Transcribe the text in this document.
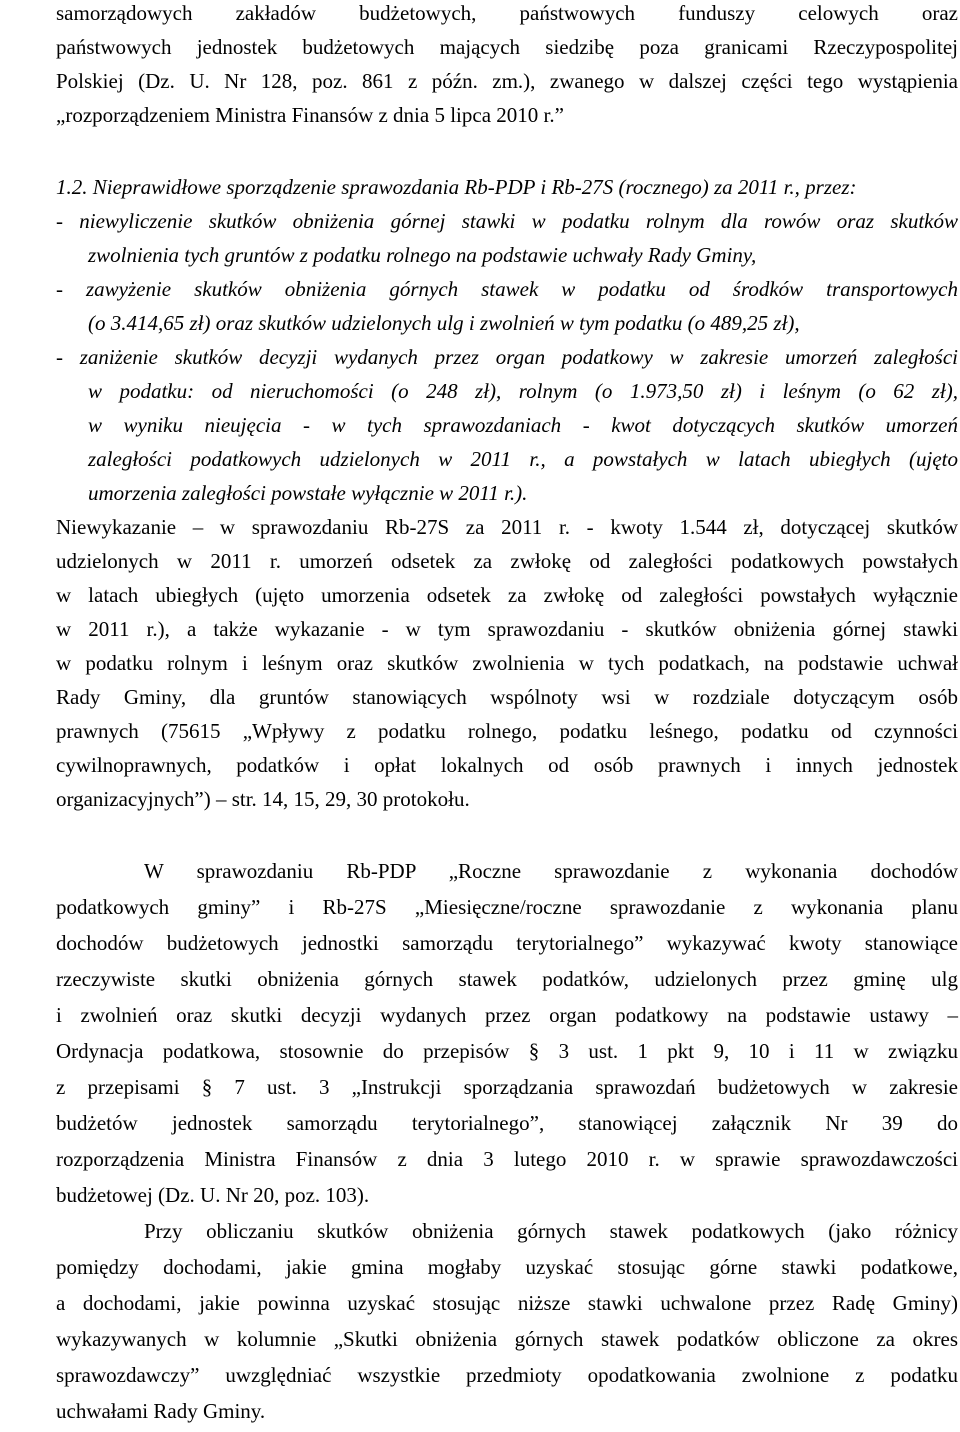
samorządowych zakładów budżetowych, państwowych funduszy celowych oraz
państwowych jednostek budżetowych mających siedzibę poza granicami Rzeczypospolitej
Polskiej (Dz. U. Nr 128, poz. 861 z późn. zm.), zwanego w dalszej części tego wystąpienia
„rozporządzeniem Ministra Finansów z dnia 5 lipca 2010 r.”
1.2. Nieprawidłowe sporządzenie sprawozdania Rb-PDP i Rb-27S (rocznego) za 2011 r., przez:
- niewyliczenie skutków obniżenia górnej stawki w podatku rolnym dla rowów oraz skutków
zwolnienia tych gruntów z podatku rolnego na podstawie uchwały Rady Gminy,
- zawyżenie skutków obniżenia górnych stawek w podatku od środków transportowych
(o 3.414,65 zł) oraz skutków udzielonych ulg i zwolnień w tym podatku (o 489,25 zł),
- zaniżenie skutków decyzji wydanych przez organ podatkowy w zakresie umorzeń zaległości
w podatku: od nieruchomości (o 248 zł), rolnym (o 1.973,50 zł) i leśnym (o 62 zł),
w wyniku nieujęcia - w tych sprawozdaniach - kwot dotyczących skutków umorzeń
zaległości podatkowych udzielonych w 2011 r., a powstałych w latach ubiegłych (ujęto
umorzenia zaległości powstałe wyłącznie w 2011 r.).
Niewykazanie – w sprawozdaniu Rb-27S za 2011 r. - kwoty 1.544 zł, dotyczącej skutków
udzielonych w 2011 r. umorzeń odsetek za zwłokę od zaległości podatkowych powstałych
w latach ubiegłych (ujęto umorzenia odsetek za zwłokę od zaległości powstałych wyłącznie
w 2011 r.), a także wykazanie - w tym sprawozdaniu - skutków obniżenia górnej stawki
w podatku rolnym i leśnym oraz skutków zwolnienia w tych podatkach, na podstawie uchwał
Rady Gminy, dla gruntów stanowiących wspólnoty wsi w rozdziale dotyczącym osób
prawnych (75615 „Wpływy z podatku rolnego, podatku leśnego, podatku od czynności
cywilnoprawnych, podatków i opłat lokalnych od osób prawnych i innych jednostek
organizacyjnych”) – str. 14, 15, 29, 30 protokołu.
W sprawozdaniu Rb-PDP „Roczne sprawozdanie z wykonania dochodów
podatkowych gminy” i Rb-27S „Miesięczne/roczne sprawozdanie z wykonania planu
dochodów budżetowych jednostki samorządu terytorialnego” wykazywać kwoty stanowiące
rzeczywiste skutki obniżenia górnych stawek podatków, udzielonych przez gminę ulg
i zwolnień oraz skutki decyzji wydanych przez organ podatkowy na podstawie ustawy –
Ordynacja podatkowa, stosownie do przepisów § 3 ust. 1 pkt 9, 10 i 11 w związku
z przepisami § 7 ust. 3 „Instrukcji sporządzania sprawozdań budżetowych w zakresie
budżetów jednostek samorządu terytorialnego”, stanowiącej załącznik Nr 39 do
rozporządzenia Ministra Finansów z dnia 3 lutego 2010 r. w sprawie sprawozdawczości
budżetowej (Dz. U. Nr 20, poz. 103).
Przy obliczaniu skutków obniżenia górnych stawek podatkowych (jako różnicy
pomiędzy dochodami, jakie gmina mogłaby uzyskać stosując górne stawki podatkowe,
a dochodami, jakie powinna uzyskać stosując niższe stawki uchwalone przez Radę Gminy)
wykazywanych w kolumnie „Skutki obniżenia górnych stawek podatków obliczone za okres
sprawozdawczy” uwzględniać wszystkie przedmioty opodatkowania zwolnione z podatku
uchwałami Rady Gminy.
